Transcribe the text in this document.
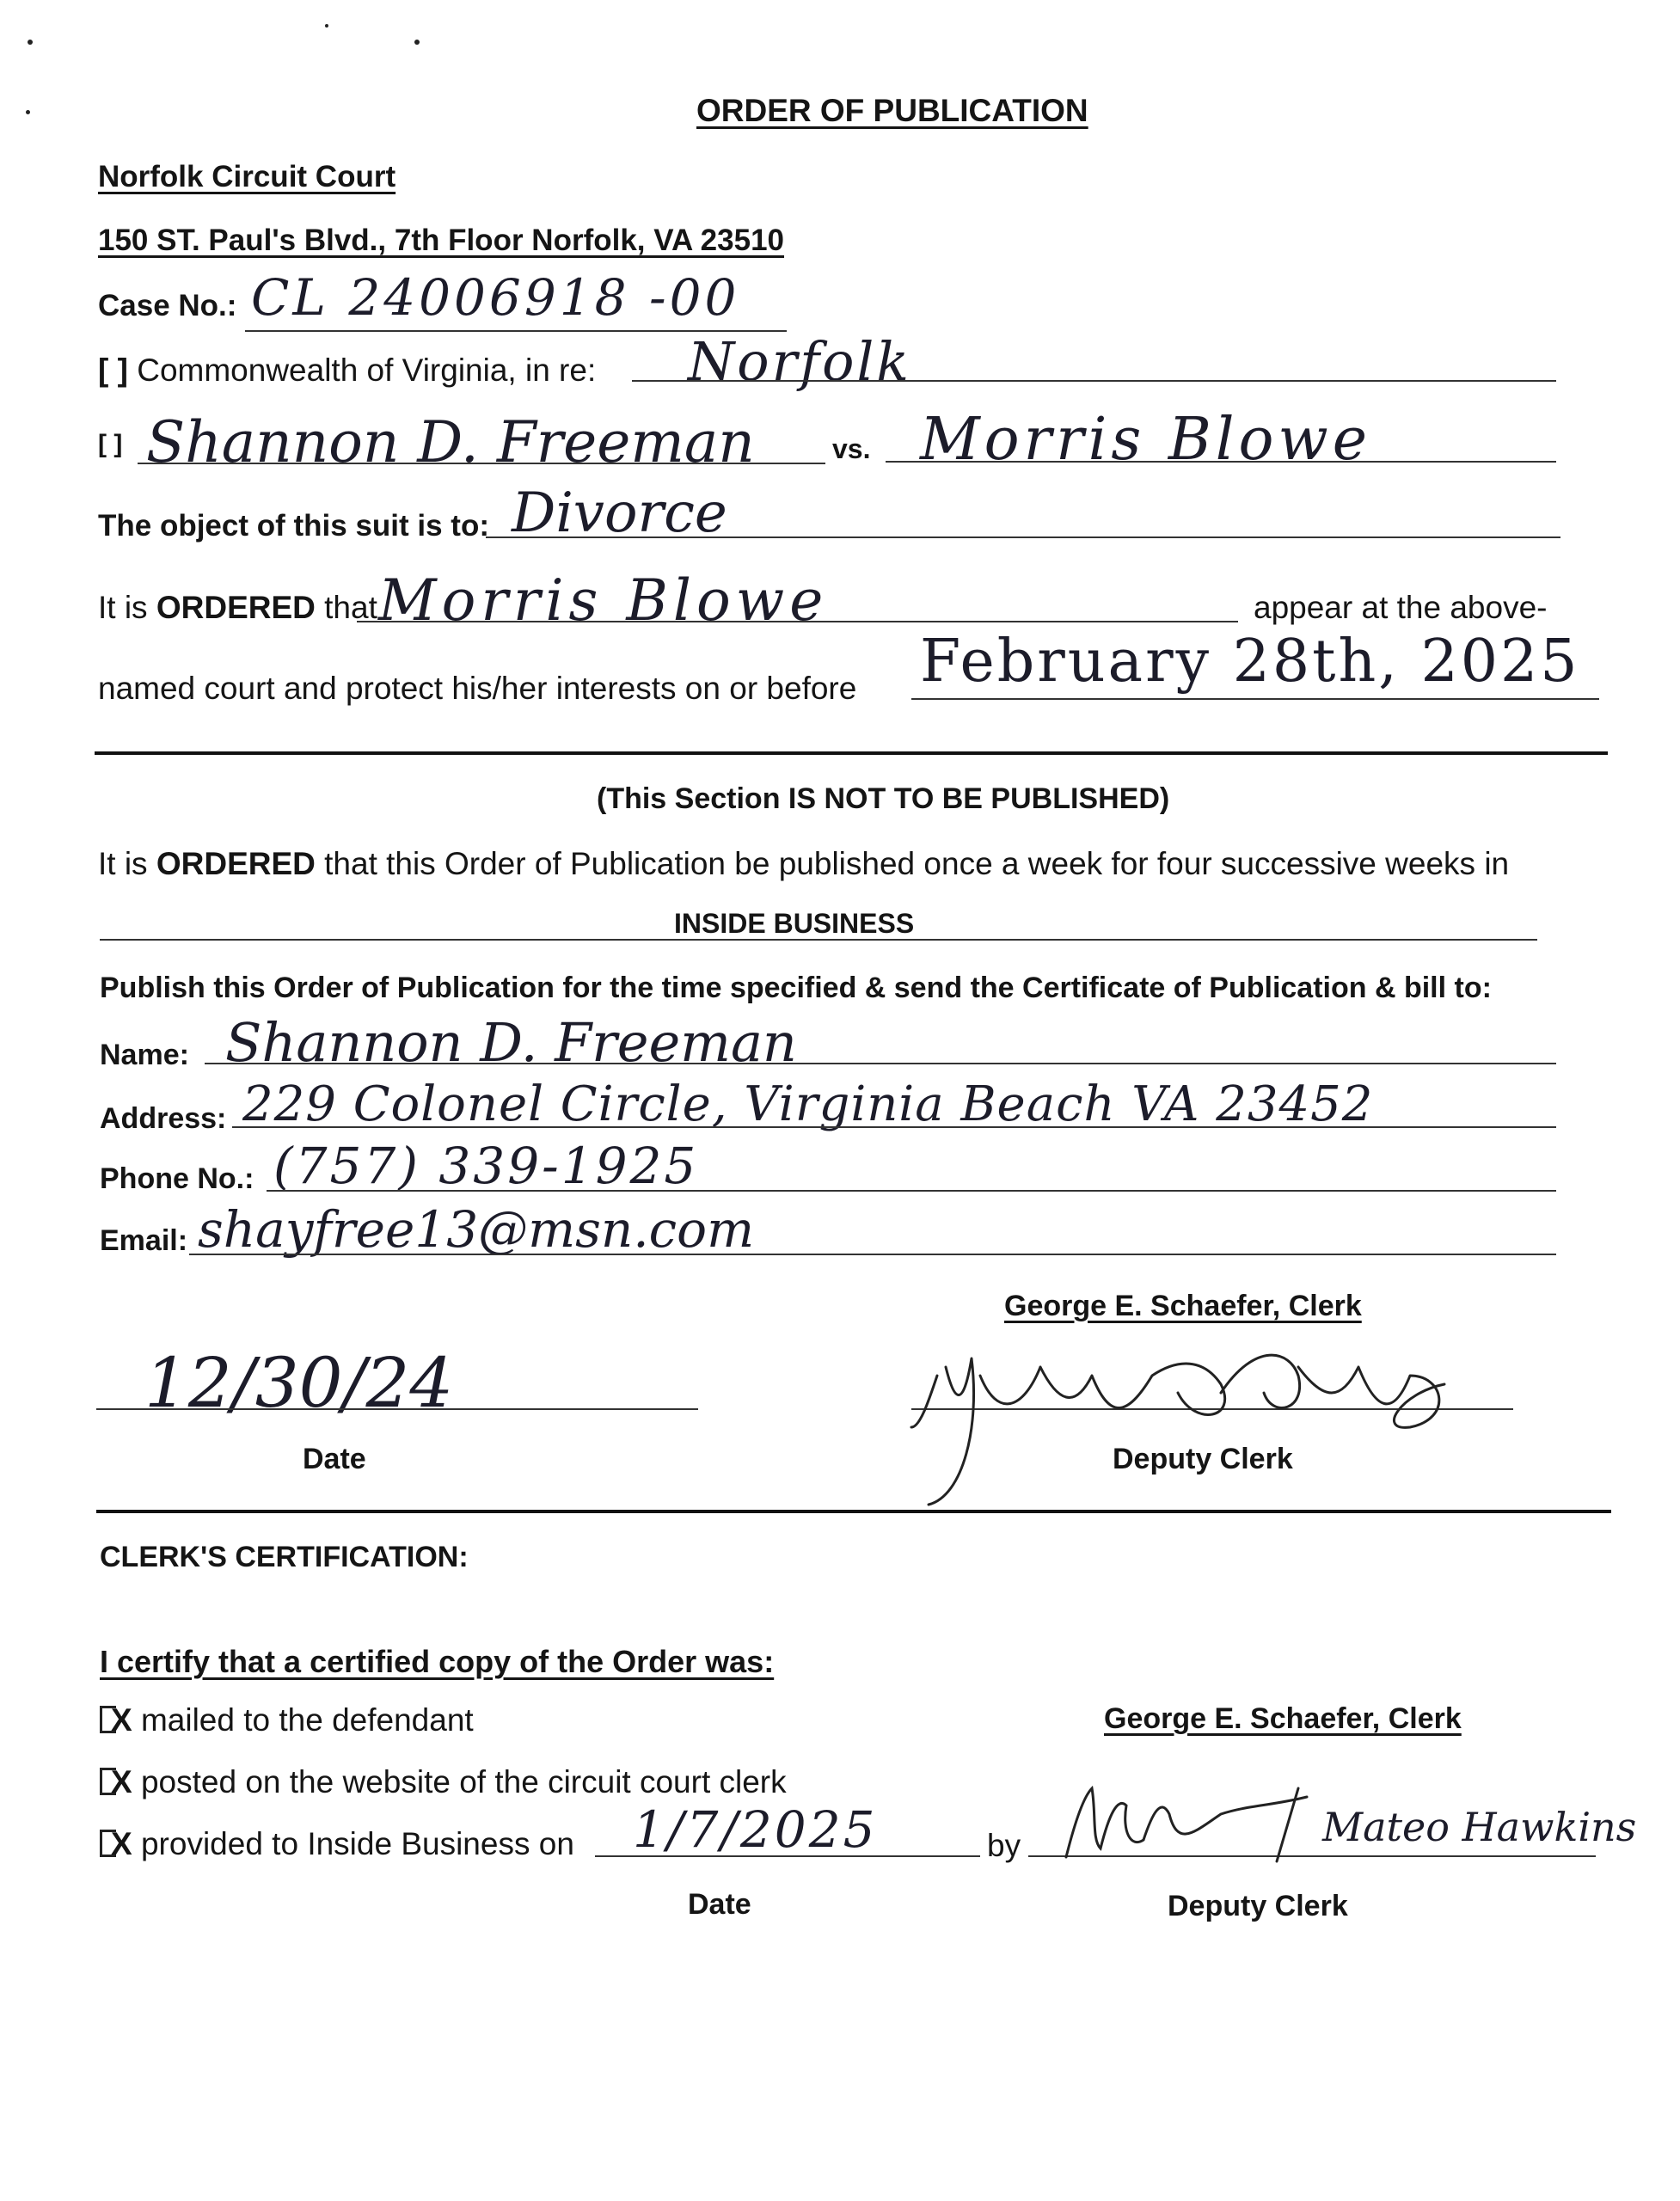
ORDER OF PUBLICATION
Norfolk Circuit Court
150 ST. Paul's Blvd., 7th Floor Norfolk, VA 23510
Case No.: CL 24006918 -00
[ ] Commonwealth of Virginia, in re: Norfolk
[ ] Shannon D. Freeman	vs. Morris Blowe
The object of this suit is to: Divorce
It is ORDERED that Morris Blowe	appear at the above-
named court and protect his/her interests on or before February 28th, 2025
(This Section IS NOT TO BE PUBLISHED)
It is ORDERED that this Order of Publication be published once a week for four successive weeks in
INSIDE BUSINESS
Publish this Order of Publication for the time specified & send the Certificate of Publication & bill to:
Name: Shannon D. Freeman
Address: 229 Colonel Circle, Virginia Beach VA 23452
Phone No.: (757) 339-1925
Email: shayfree13@msn.com
George E. Schaefer, Clerk
12/30/24
Date	Deputy Clerk
CLERK'S CERTIFICATION:
I certify that a certified copy of the Order was:
X mailed to the defendant
X posted on the website of the circuit court clerk
X provided to Inside Business on 1/7/2025
Date
George E. Schaefer, Clerk
by	Mateo Hawkins
Deputy Clerk
